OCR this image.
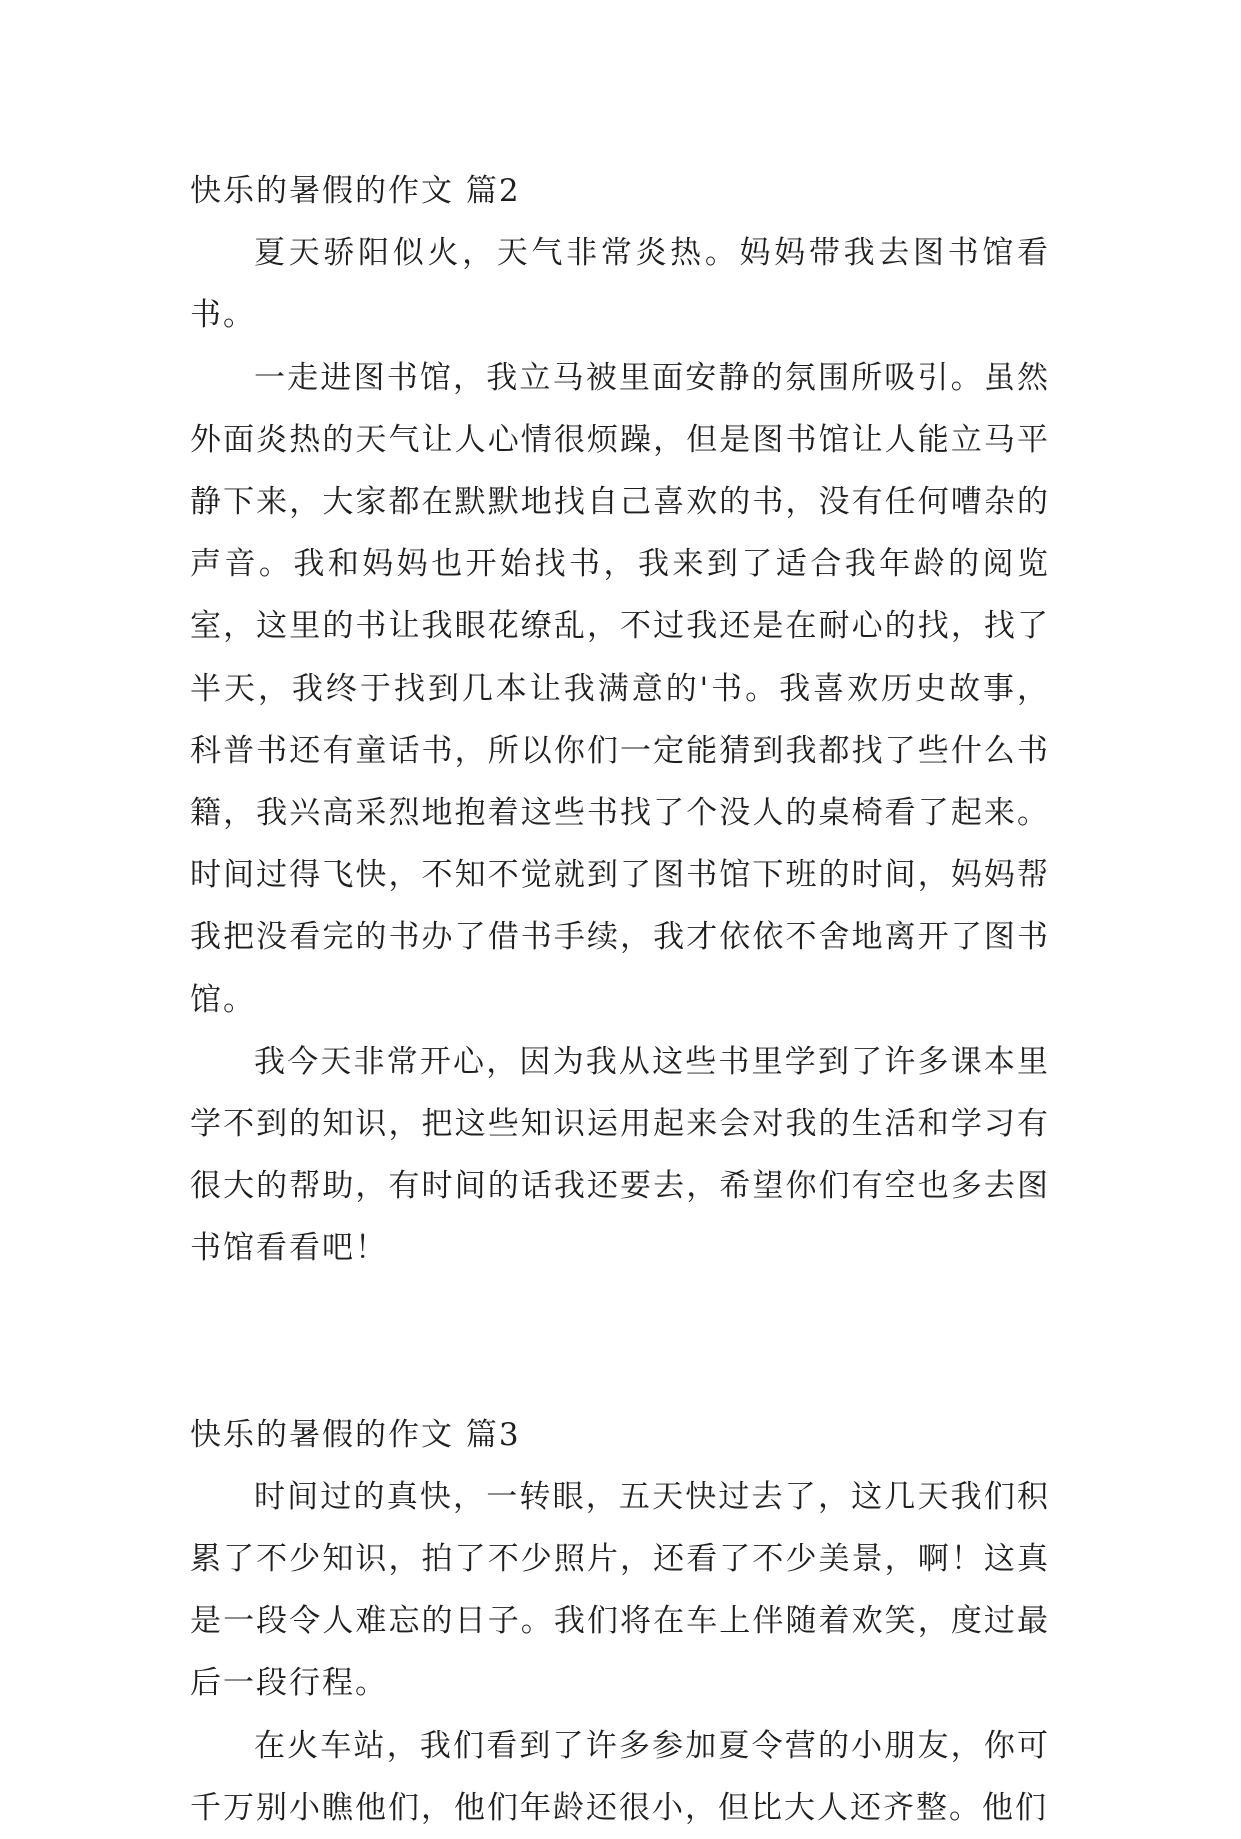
快乐的暑假的作文 篇2

夏天骄阳似火，天气非常炎热。妈妈带我去图书馆看书。

一走进图书馆，我立马被里面安静的氛围所吸引。虽然外面炎热的天气让人心情很烦躁，但是图书馆让人能立马平静下来，大家都在默默地找自己喜欢的书，没有任何嘈杂的声音。我和妈妈也开始找书，我来到了适合我年龄的阅览室，这里的书让我眼花缭乱，不过我还是在耐心的找，找了半天，我终于找到几本让我满意的'书。我喜欢历史故事，科普书还有童话书，所以你们一定能猜到我都找了些什么书籍，我兴高采烈地抱着这些书找了个没人的桌椅看了起来。时间过得飞快，不知不觉就到了图书馆下班的时间，妈妈帮我把没看完的书办了借书手续，我才依依不舍地离开了图书馆。

我今天非常开心，因为我从这些书里学到了许多课本里学不到的知识，把这些知识运用起来会对我的生活和学习有很大的帮助，有时间的话我还要去，希望你们有空也多去图书馆看看吧！

快乐的暑假的作文 篇3

时间过的真快，一转眼，五天快过去了，这几天我们积累了不少知识，拍了不少照片，还看了不少美景，啊！这真是一段令人难忘的日子。我们将在车上伴随着欢笑，度过最后一段行程。

在火车站，我们看到了许多参加夏令营的小朋友，你可千万别小瞧他们，他们年龄还很小，但比大人还齐整。他们
